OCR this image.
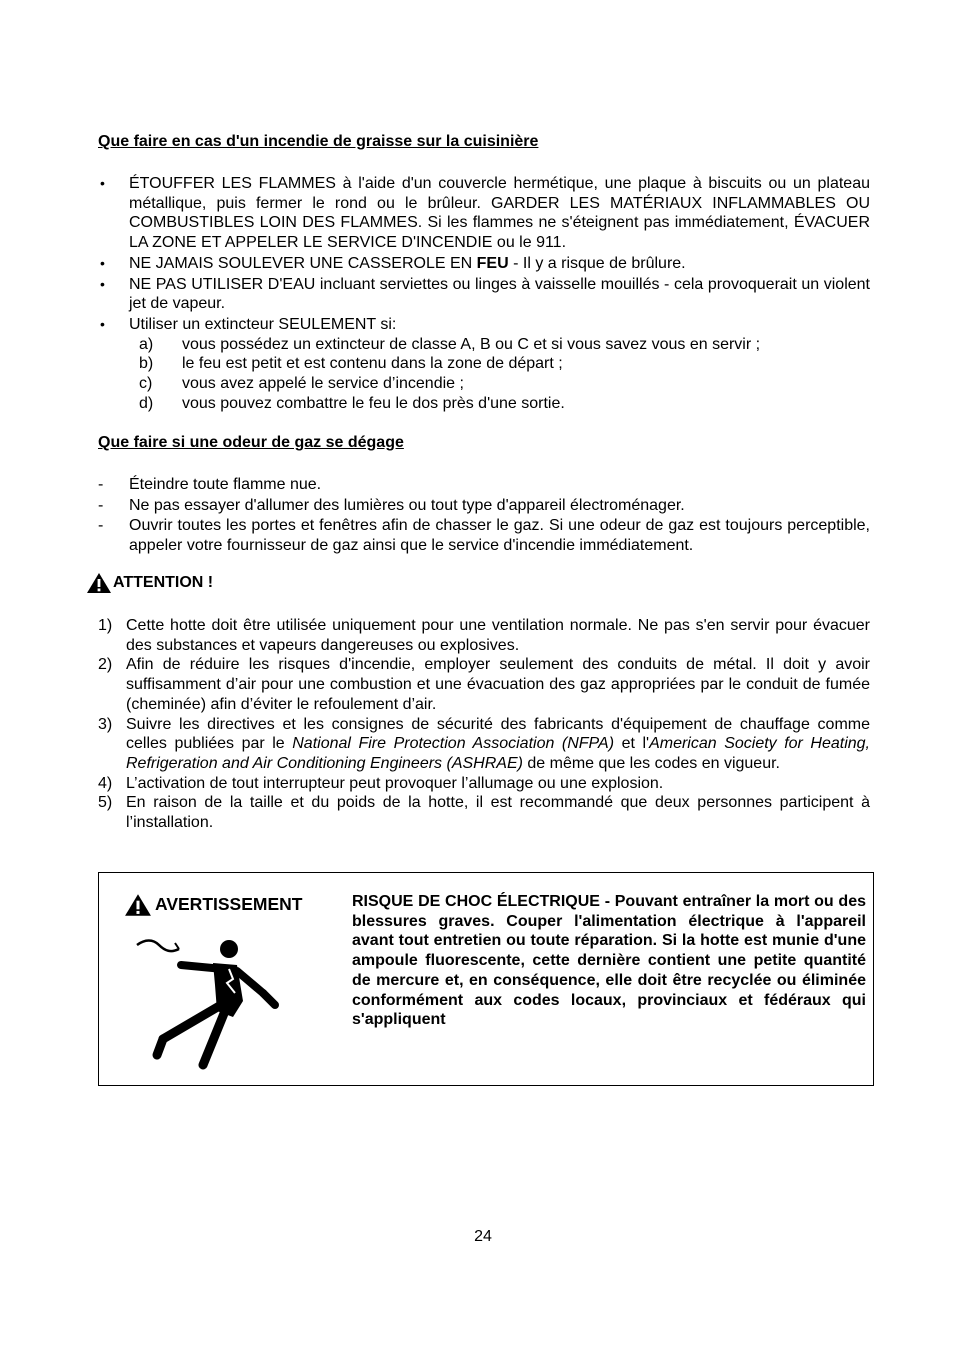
Que faire en cas d'un incendie de graisse sur la cuisinière
•	ÉTOUFFER LES FLAMMES à l'aide d'un couvercle hermétique, une plaque à biscuits ou un plateau métallique, puis fermer le rond ou le brûleur. GARDER LES MATÉRIAUX INFLAMMABLES OU COMBUSTIBLES LOIN DES FLAMMES. Si les flammes ne s'éteignent pas immédiatement, ÉVACUER LA ZONE ET APPELER LE SERVICE D'INCENDIE ou le 911.
•	NE JAMAIS SOULEVER UNE CASSEROLE EN FEU - Il y a risque de brûlure.
•	NE PAS UTILISER D'EAU incluant serviettes ou linges à vaisselle mouillés - cela provoquerait un violent jet de vapeur.
•	Utiliser un extincteur SEULEMENT si:
a) vous possédez un extincteur de classe A, B ou C et si vous savez vous en servir ;
b) le feu est petit et est contenu dans la zone de départ ;
c) vous avez appelé le service d’incendie ;
d) vous pouvez combattre le feu le dos près d'une sortie.
Que faire si une odeur de gaz se dégage
-	Éteindre toute flamme nue.
-	Ne pas essayer d'allumer des lumières ou tout type d'appareil électroménager.
-	Ouvrir toutes les portes et fenêtres afin de chasser le gaz. Si une odeur de gaz est toujours perceptible, appeler votre fournisseur de gaz ainsi que le service d'incendie immédiatement.
ATTENTION !
1) Cette hotte doit être utilisée uniquement pour une ventilation normale. Ne pas s'en servir pour évacuer des substances et vapeurs dangereuses ou explosives.
2) Afin de réduire les risques d'incendie, employer seulement des conduits de métal. Il doit y avoir suffisamment d’air pour une combustion et une évacuation des gaz appropriées par le conduit de fumée (cheminée) afin d’éviter le refoulement d’air.
3) Suivre les directives et les consignes de sécurité des fabricants d'équipement de chauffage comme celles publiées par le National Fire Protection Association (NFPA) et l'American Society for Heating, Refrigeration and Air Conditioning Engineers (ASHRAE) de même que les codes en vigueur.
4) L’activation de tout interrupteur peut provoquer l’allumage ou une explosion.
5) En raison de la taille et du poids de la hotte, il est recommandé que deux personnes participent à l’installation.
AVERTISSEMENT	RISQUE DE CHOC ÉLECTRIQUE - Pouvant entraîner la mort ou des blessures graves. Couper l'alimentation électrique à l'appareil avant tout entretien ou toute réparation. Si la hotte est munie d'une ampoule fluorescente, cette dernière contient une petite quantité de mercure et, en conséquence, elle doit être recyclée ou éliminée conformément aux codes locaux, provinciaux et fédéraux qui s'appliquent
24
